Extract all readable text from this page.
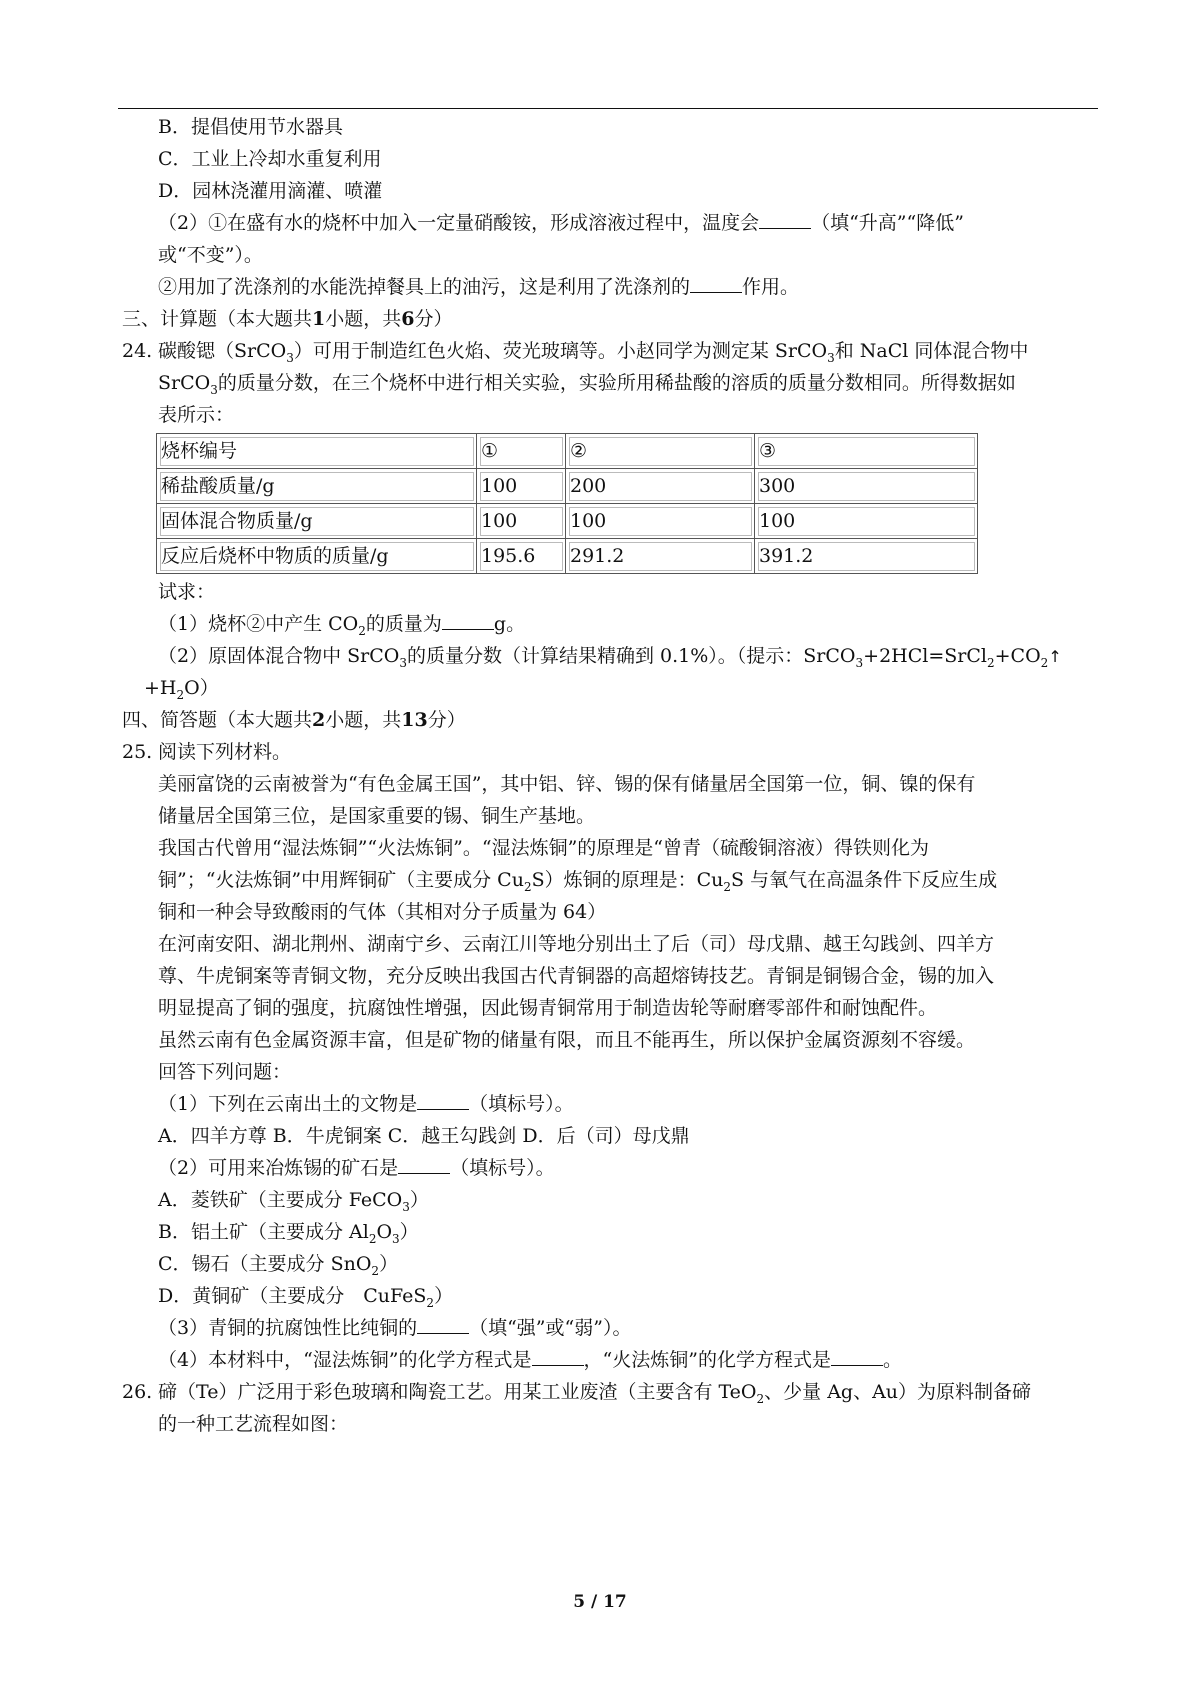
B．提倡使用节水器具
C．工业上冷却水重复利用
D．园林浇灌用滴灌、喷灌
（2）①在盛有水的烧杯中加入一定量硝酸铵，形成溶液过程中，温度会	（填“升高”“降低”
或“不变”）。
②用加了洗涤剂的水能洗掉餐具上的油污，这是利用了洗涤剂的	作用。
三、计算题（本大题共1小题，共6分）
24. 碳酸锶（SrCO$_3$）可用于制造红色火焰、荧光玻璃等。小赵同学为测定某 SrCO$_3$和 NaCl 同体混合物中
SrCO$_3$的质量分数，在三个烧杯中进行相关实验，实验所用稀盐酸的溶质的质量分数相同。所得数据如
表所示：
烧杯编号	①	②	③
稀盐酸质量/g	100	200	300
固体混合物质量/g	100	100	100
反应后烧杯中物质的质量/g	195.6	291.2	391.2
试求：
（1）烧杯②中产生 $CO_2$的质量为	g。
（2）原固体混合物中 SrCO$_3$的质量分数（计算结果精确到 0.1%）。（提示：$SrCO_3+2HCl=SrCl_2+CO_2↑$
$+H_2O$）
四、简答题（本大题共2小题，共13分）
25. 阅读下列材料。
美丽富饶的云南被誉为“有色金属王国”，其中铝、锌、锡的保有储量居全国第一位，铜、镍的保有
储量居全国第三位，是国家重要的锡、铜生产基地。
我国古代曾用“湿法炼铜”“火法炼铜”。“湿法炼铜”的原理是“曾青（硫酸铜溶液）得铁则化为
铜”；“火法炼铜”中用辉铜矿（主要成分 $Cu_2S$）炼铜的原理是：$Cu_2S$ 与氧气在高温条件下反应生成
铜和一种会导致酸雨的气体（其相对分子质量为 64）
在河南安阳、湖北荆州、湖南宁乡、云南江川等地分别出土了后（司）母戊鼎、越王勾践剑、四羊方
尊、牛虎铜案等青铜文物，充分反映出我国古代青铜器的高超熔铸技艺。青铜是铜锡合金，锡的加入
明显提高了铜的强度，抗腐蚀性增强，因此锡青铜常用于制造齿轮等耐磨零部件和耐蚀配件。
虽然云南有色金属资源丰富，但是矿物的储量有限，而且不能再生，所以保护金属资源刻不容缓。
回答下列问题：
（1）下列在云南出土的文物是	（填标号）。
A．四羊方尊 B．牛虎铜案 C．越王勾践剑 D．后（司）母戊鼎
（2）可用来冶炼锡的矿石是	（填标号）。
A．菱铁矿（主要成分 FeCO$_3$）
B．铝土矿（主要成分 $Al_2O_3$）
C．锡石（主要成分 SnO$_2$）
D．黄铜矿（主要成分　CuFeS$_2$）
（3）青铜的抗腐蚀性比纯铜的	（填“强”或“弱”）。
（4）本材料中，“湿法炼铜”的化学方程式是	，“火法炼铜”的化学方程式是	。
26. 碲（Te）广泛用于彩色玻璃和陶瓷工艺。用某工业废渣（主要含有 TeO$_2$、少量 Ag、Au）为原料制备碲
的一种工艺流程如图：
5 / 17
